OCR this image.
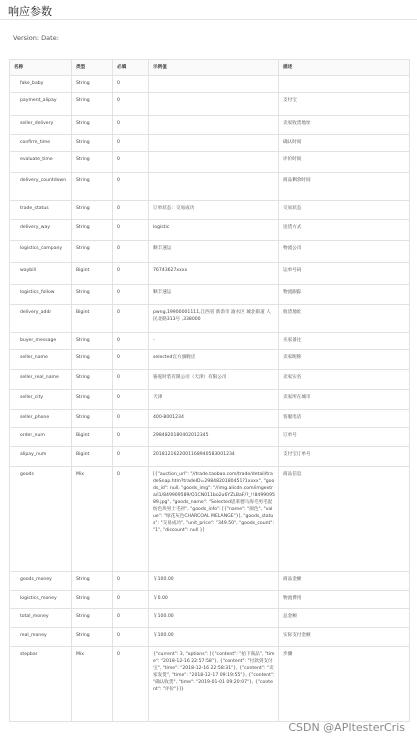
响应参数
Version: Date:
名称	类型	必填	示例值	描述
fake_baby	String	0		
payment_alipay	String	0		支付宝
seller_delivery	String	0		卖家收货地址
confirm_time	String	0		确认时间
evaluate_time	String	0		评价时间
delivery_countdown	String	0		商品剩余时间
trade_status	String	0	订单状态：交易成功	交易状态
delivery_way	String	0	logistic	送货方式
logistics_company	String	0	顺丰速运	物流公司
waybill	Bigint	0	76743627xxxx	运单号码
logistics_follow	String	0	顺丰速运	物流跟踪
delivery_addr	Bigint	0	pwng,19900001111,江西省 新余市 渝水区 城北街道 人民北路313号 ,338000	收货地址
buyer_message	String	0	-	买家备注
seller_name	String	0	selected官方旗舰店	卖家昵称
seller_real_name	String	0	骆驼时装有限公司（天津）有限公司	卖家实名
seller_city	String	0	天津	卖家所在城市
seller_phone	String	0	400-8001234	客服电话
order_num	Bigint	0	2984820180402012345	订单号
alipay_num	Bigint	0	2018121622001168940583001234	支付宝订单号
goods	Mix	0	[{"auction_url": "//trade.taobao.com/trade/detail/tradeSnap.htm?tradeID=2984820180451?1xxxx", "goods_id": null, "goods_img": "//img.alicdn.com/imgextra/i1/849909589/O1CN011bo2u6YZLBaF/?_!!849909589.jpg", "goods_name": "Selected思莱德马海毛男毛混纺色块男士毛衫", "goods_info": [{"name": "颜色", "value": "绿花灰色CHARCOAL MELANGE"}], "goods_status": "交易成功", "unit_price": "349.50", "goods_count": "1", "discount": null }]	商品信息
goods_money	String	0	￥100.00	商品金额
logistics_money	String	0	￥0.00	物流费用
total_money	String	0	￥100.00	总金额
real_money	String	0	￥100.00	实际支付金额
stepbar	Mix	0	{"current": 3, "options": [{"content": "拍下商品", "time": "2018-12-16 22:57:58"}, {"content": "付款到支付宝", "time": "2018-12-16 22:58:31"}, {"content": "卖家发货", "time": "2018-12-17 09:19:55"}, {"content": "确认收货", "time": "2019-01-01 09:20:07"}, {"content": "评价"}]}	步骤
CSDN @APItesterCris
